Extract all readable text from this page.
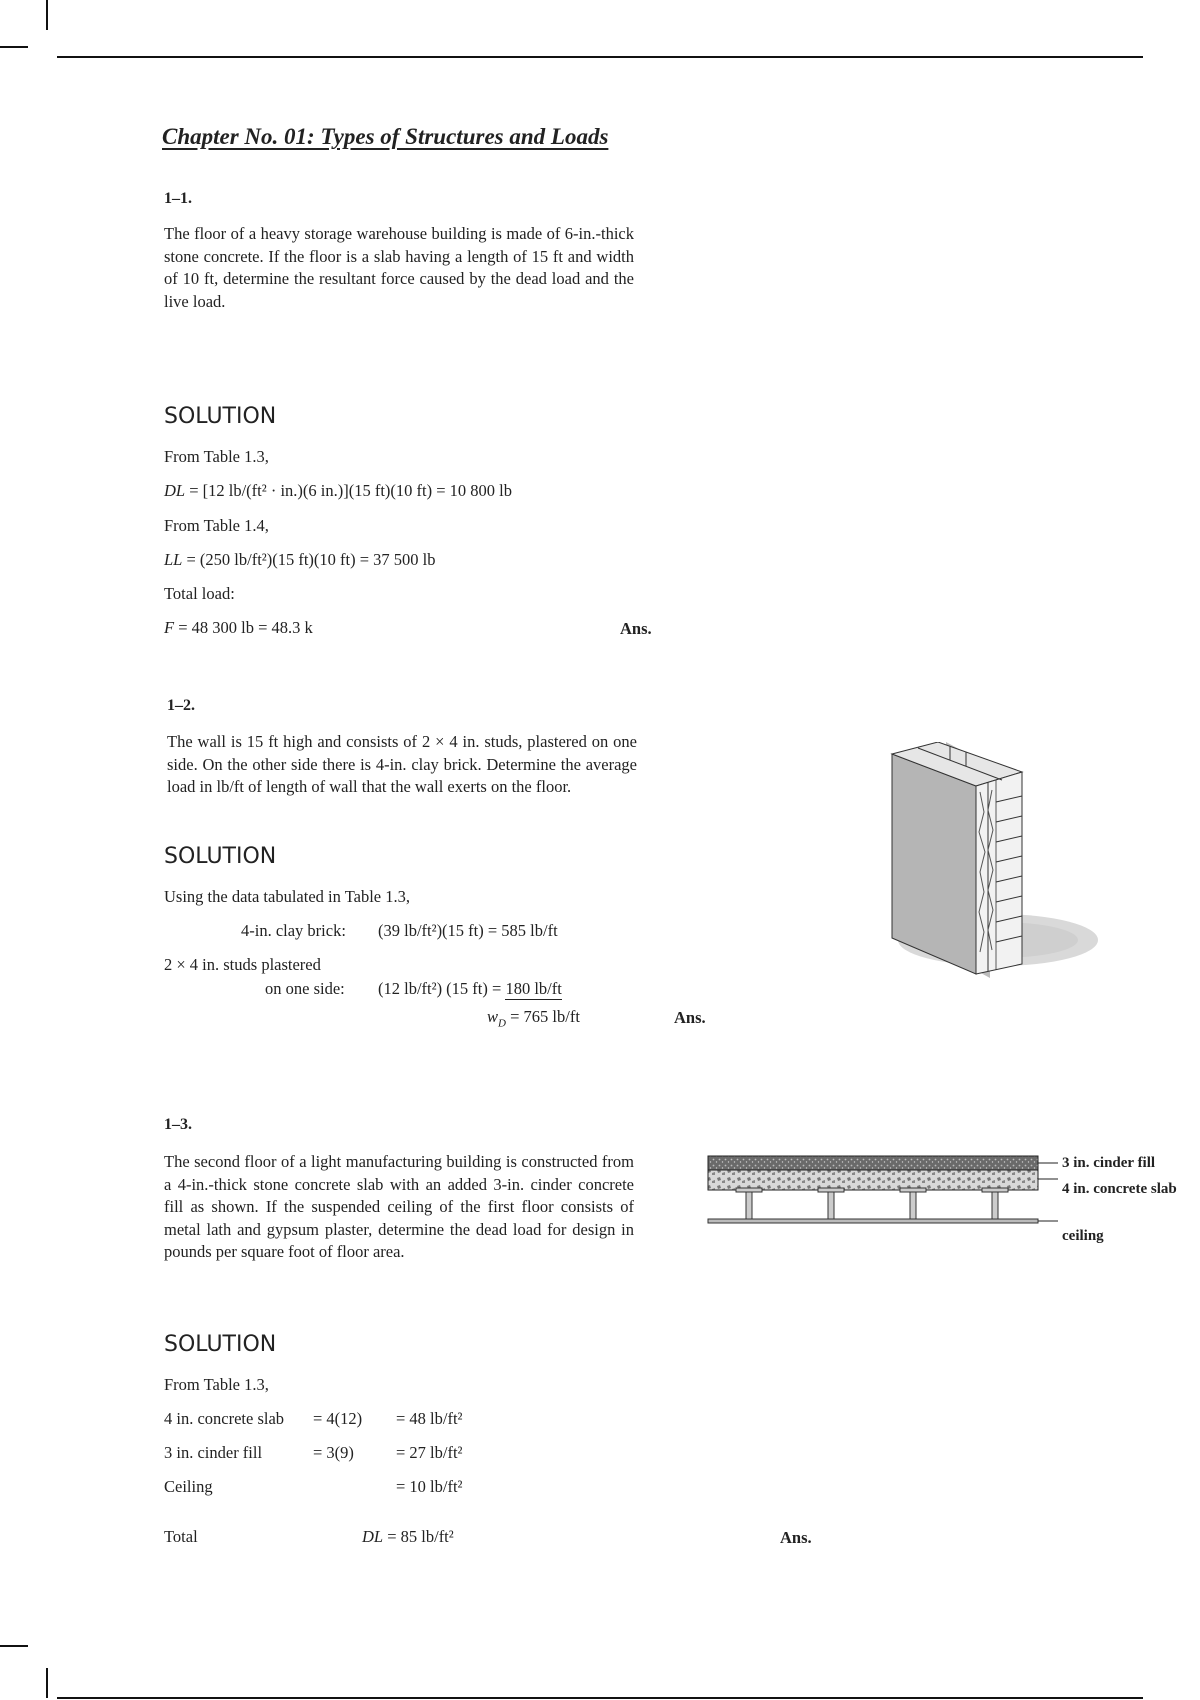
Chapter No. 01: Types of Structures and Loads
1–1.
The floor of a heavy storage warehouse building is made of 6-in.-thick stone concrete. If the floor is a slab having a length of 15 ft and width of 10 ft, determine the resultant force caused by the dead load and the live load.
SOLUTION
From Table 1.3,
DL = [12 lb/(ft² · in.)(6 in.)](15 ft)(10 ft) = 10 800 lb
From Table 1.4,
LL = (250 lb/ft²)(15 ft)(10 ft) = 37 500 lb
Total load:
F = 48 300 lb = 48.3 k	Ans.
1–2.
The wall is 15 ft high and consists of 2 × 4 in. studs, plastered on one side. On the other side there is 4-in. clay brick. Determine the average load in lb/ft of length of wall that the wall exerts on the floor.
SOLUTION
Using the data tabulated in Table 1.3,
4-in. clay brick: (39 lb/ft²)(15 ft) = 585 lb/ft
2 × 4 in. studs plastered
on one side: (12 lb/ft²) (15 ft) = 180 lb/ft
$w_D = 765$ lb/ft	Ans.
1–3.
The second floor of a light manufacturing building is constructed from a 4-in.-thick stone concrete slab with an added 3-in. cinder concrete fill as shown. If the suspended ceiling of the first floor consists of metal lath and gypsum plaster, determine the dead load for design in pounds per square foot of floor area.
3 in. cinder fill
4 in. concrete slab
ceiling
SOLUTION
From Table 1.3,
4 in. concrete slab = 4(12) = 48 lb/ft²
3 in. cinder fill	= 3(9)	= 27 lb/ft²
Ceiling	= 10 lb/ft²
Total	DL = 85 lb/ft²	Ans.
